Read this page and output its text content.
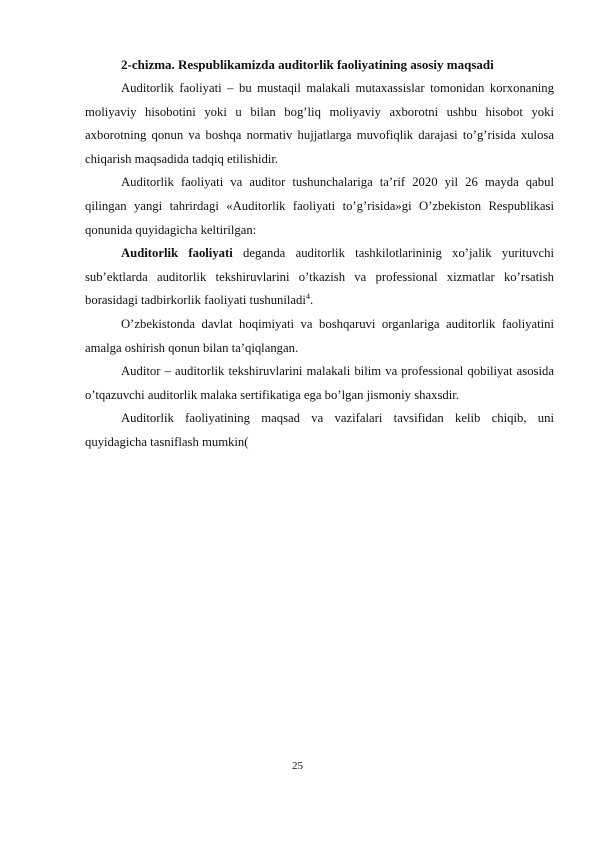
2-chizma. Respublikamizda auditorlik faoliyatining asosiy maqsadi

Auditorlik faoliyati – bu mustaqil malakali mutaxassislar tomonidan korxonaning moliyaviy hisobotini yoki u bilan bog’liq moliyaviy axborotni ushbu hisobot yoki axborotning qonun va boshqa normativ hujjatlarga muvofiqlik darajasi to’g’risida xulosa chiqarish maqsadida tadqiq etilishidir.

Auditorlik faoliyati va auditor tushunchalariga ta’rif 2020 yil 26 mayda qabul qilingan yangi tahrirdagi «Auditorlik faoliyati to’g’risida»gi O’zbekiston Respublikasi qonunida quyidagicha keltirilgan:

Auditorlik faoliyati deganda auditorlik tashkilotlarininig xo’jalik yurituvchi sub’ektlarda auditorlik tekshiruvlarini o’tkazish va professional xizmatlar ko’rsatish borasidagi tadbirkorlik faoliyati tushuniladi$^4$.

O’zbekistonda davlat hoqimiyati va boshqaruvi organlariga auditorlik faoliyatini amalga oshirish qonun bilan ta’qiqlangan.

Auditor – auditorlik tekshiruvlarini malakali bilim va professional qobiliyat asosida o’tqazuvchi auditorlik malaka sertifikatiga ega bo’lgan jismoniy shaxsdir.

Auditorlik faoliyatining maqsad va vazifalari tavsifidan kelib chiqib, uni quyidagicha tasniflash mumkin(

25
